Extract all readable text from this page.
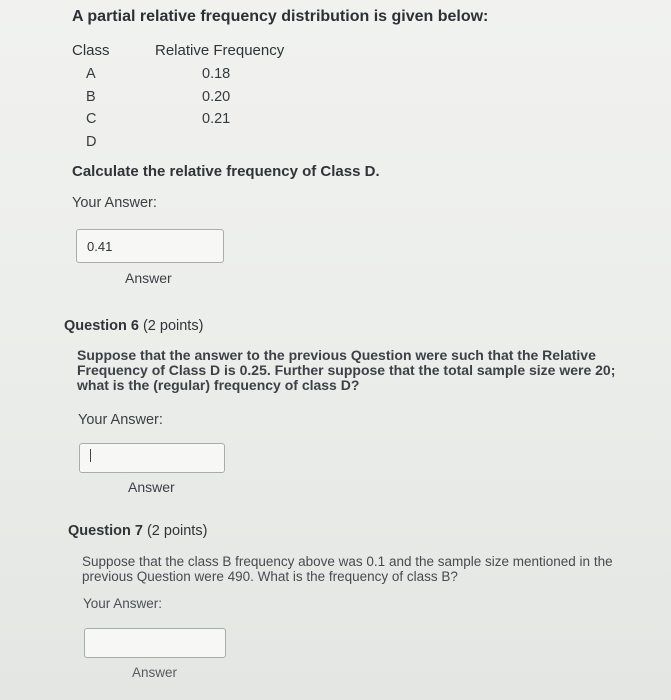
A partial relative frequency distribution is given below:
Class	Relative Frequency
A	0.18
B	0.20
C	0.21
D
Calculate the relative frequency of Class D.
Your Answer:
0.41
Answer
Question 6 (2 points)
Suppose that the answer to the previous Question were such that the Relative Frequency of Class D is 0.25. Further suppose that the total sample size were 20; what is the (regular) frequency of class D?
Your Answer:
Answer
Question 7 (2 points)
Suppose that the class B frequency above was 0.1 and the sample size mentioned in the previous Question were 490. What is the frequency of class B?
Your Answer:
Answer
